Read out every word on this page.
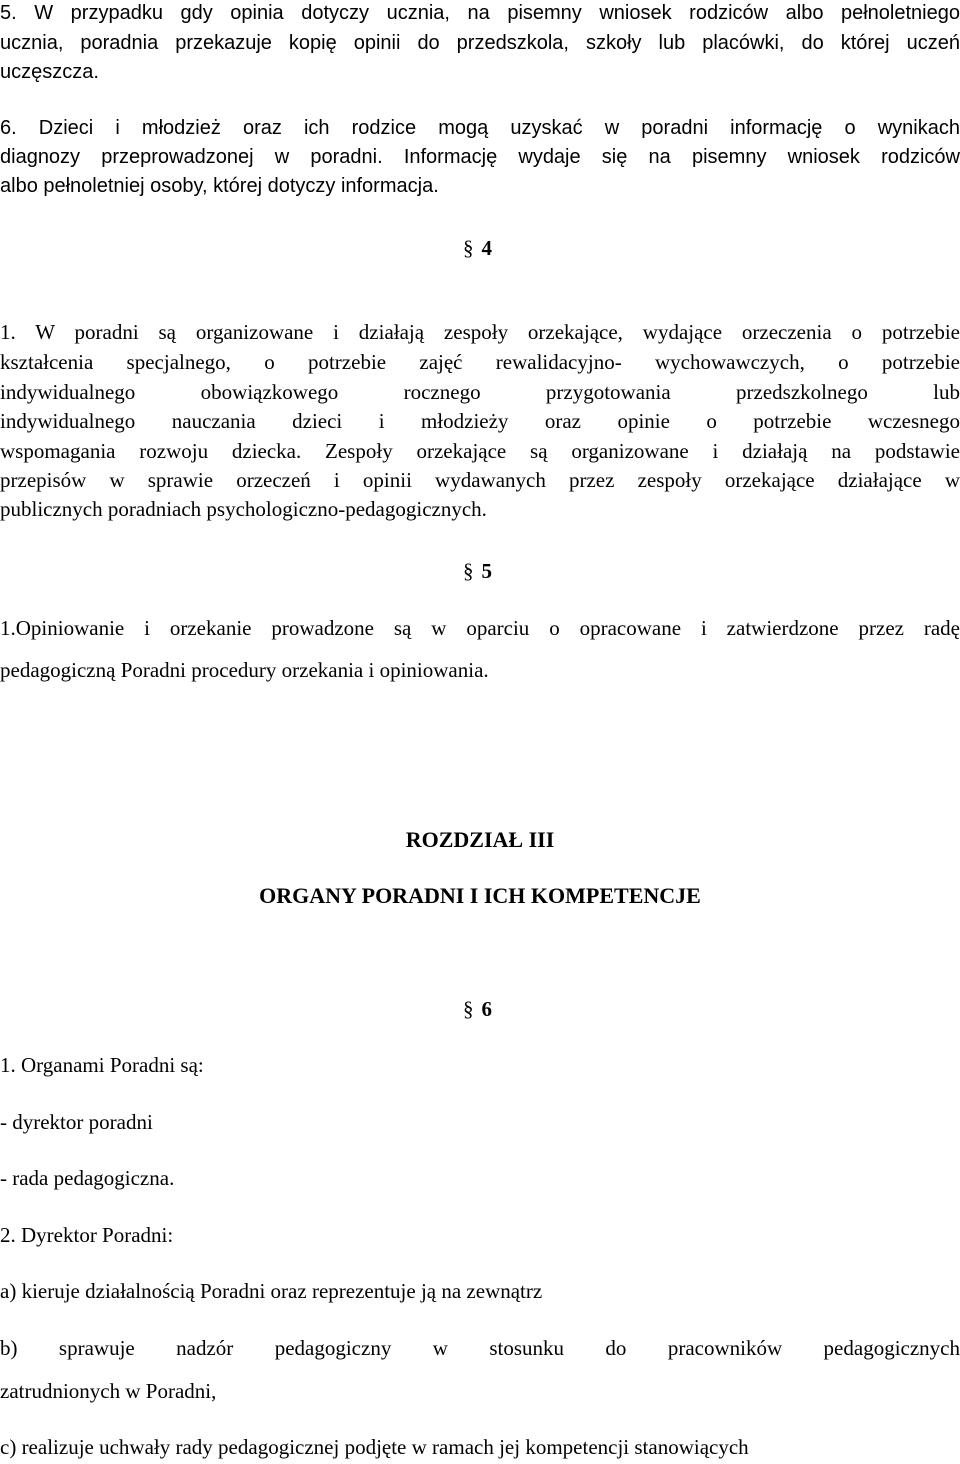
5. W przypadku gdy opinia dotyczy ucznia, na pisemny wniosek rodziców albo pełnoletniego
ucznia, poradnia przekazuje kopię opinii do przedszkola, szkoły lub placówki, do której uczeń
uczęszcza.
6. Dzieci i młodzież oraz ich rodzice mogą uzyskać w poradni informację o wynikach
diagnozy przeprowadzonej w poradni. Informację wydaje się na pisemny wniosek rodziców
albo pełnoletniej osoby, której dotyczy informacja.
§ 4
1. W poradni są organizowane i działają zespoły orzekające, wydające orzeczenia o potrzebie
kształcenia specjalnego, o potrzebie zajęć rewalidacyjno- wychowawczych, o potrzebie
indywidualnego obowiązkowego rocznego przygotowania przedszkolnego lub
indywidualnego nauczania dzieci i młodzieży oraz opinie o potrzebie wczesnego
wspomagania rozwoju dziecka. Zespoły orzekające są organizowane i działają na podstawie
przepisów w sprawie orzeczeń i opinii wydawanych przez zespoły orzekające działające w
publicznych poradniach psychologiczno-pedagogicznych.
§ 5
1.Opiniowanie i orzekanie prowadzone są w oparciu o opracowane i zatwierdzone przez radę
pedagogiczną Poradni procedury orzekania i opiniowania.
ROZDZIAŁ III
ORGANY PORADNI I ICH KOMPETENCJE
§ 6
1. Organami Poradni są:
- dyrektor poradni
- rada pedagogiczna.
2. Dyrektor Poradni:
a) kieruje działalnością Poradni oraz reprezentuje ją na zewnątrz
b) sprawuje nadzór pedagogiczny w stosunku do pracowników pedagogicznych
zatrudnionych w Poradni,
c) realizuje uchwały rady pedagogicznej podjęte w ramach jej kompetencji stanowiących
